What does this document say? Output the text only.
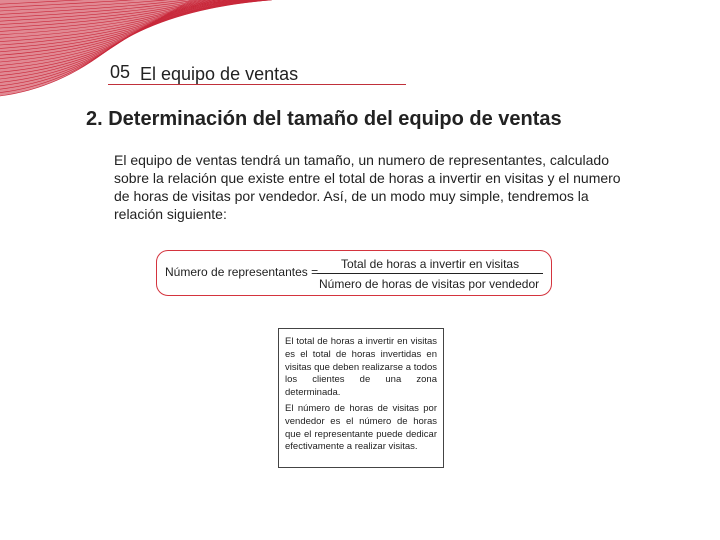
05 El equipo de ventas
2. Determinación del tamaño del equipo de ventas

El equipo de ventas tendrá un tamaño, un numero de representantes, calculado sobre la relación que existe entre el total de horas a invertir en visitas y el numero de horas de visitas por vendedor. Así, de un modo muy simple, tendremos la relación siguiente:

Número de representantes =
Total de horas a invertir en visitas
Número de horas de visitas por vendedor

El total de horas a invertir en visitas es el total de horas invertidas en visitas que deben realizarse a todos los clientes de una zona determinada.

El número de horas de visitas por vendedor es el número de horas que el representante puede dedicar efectivamente a realizar visitas.
